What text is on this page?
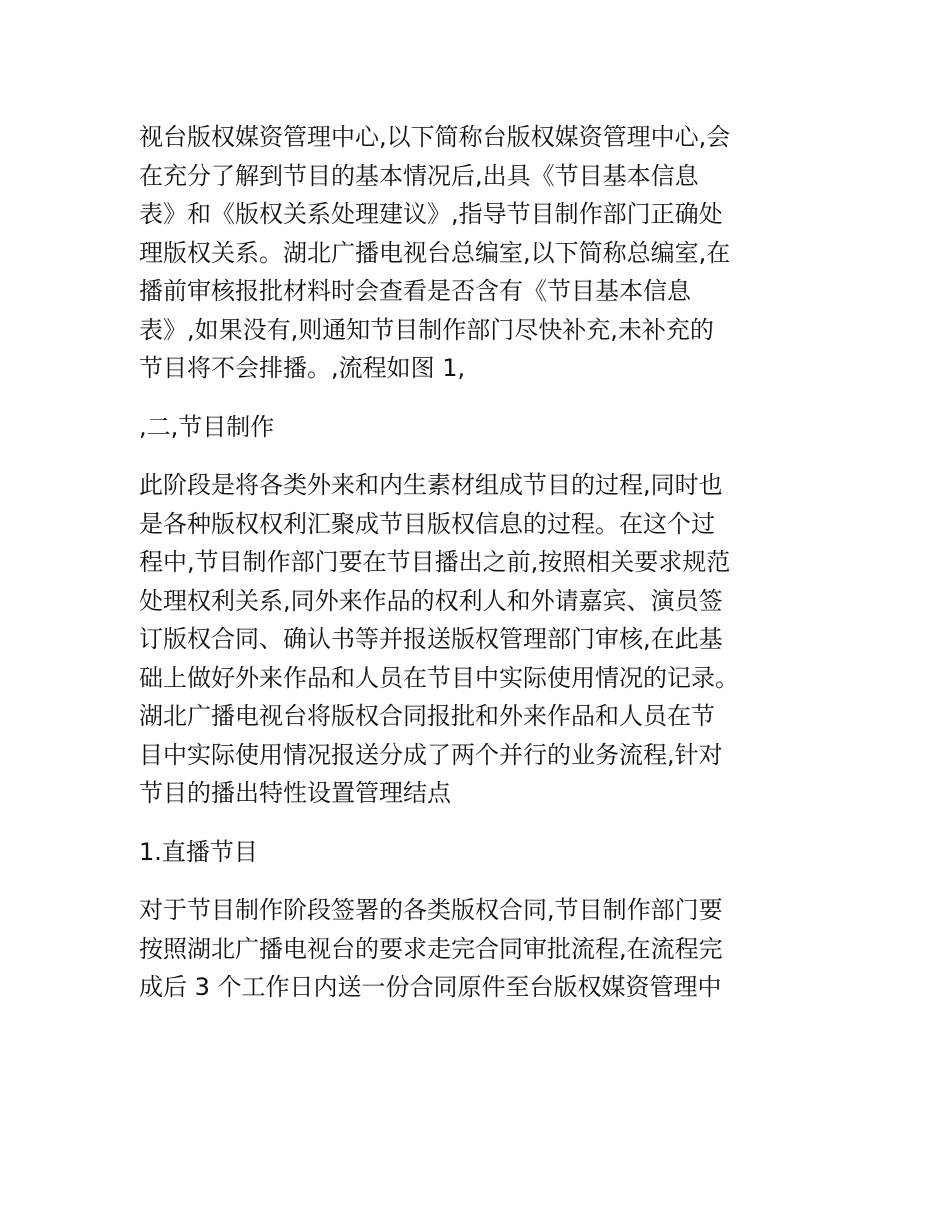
视台版权媒资管理中心,以下简称台版权媒资管理中心,会
在充分了解到节目的基本情况后,出具《节目基本信息
表》和《版权关系处理建议》,指导节目制作部门正确处
理版权关系。湖北广播电视台总编室,以下简称总编室,在
播前审核报批材料时会查看是否含有《节目基本信息
表》,如果没有,则通知节目制作部门尽快补充,未补充的
节目将不会排播。,流程如图 1,

,二,节目制作

此阶段是将各类外来和内生素材组成节目的过程,同时也
是各种版权权利汇聚成节目版权信息的过程。在这个过
程中,节目制作部门要在节目播出之前,按照相关要求规范
处理权利关系,同外来作品的权利人和外请嘉宾、演员签
订版权合同、确认书等并报送版权管理部门审核,在此基
础上做好外来作品和人员在节目中实际使用情况的记录。
湖北广播电视台将版权合同报批和外来作品和人员在节
目中实际使用情况报送分成了两个并行的业务流程,针对
节目的播出特性设置管理结点

1.直播节目

对于节目制作阶段签署的各类版权合同,节目制作部门要
按照湖北广播电视台的要求走完合同审批流程,在流程完
成后 3 个工作日内送一份合同原件至台版权媒资管理中
